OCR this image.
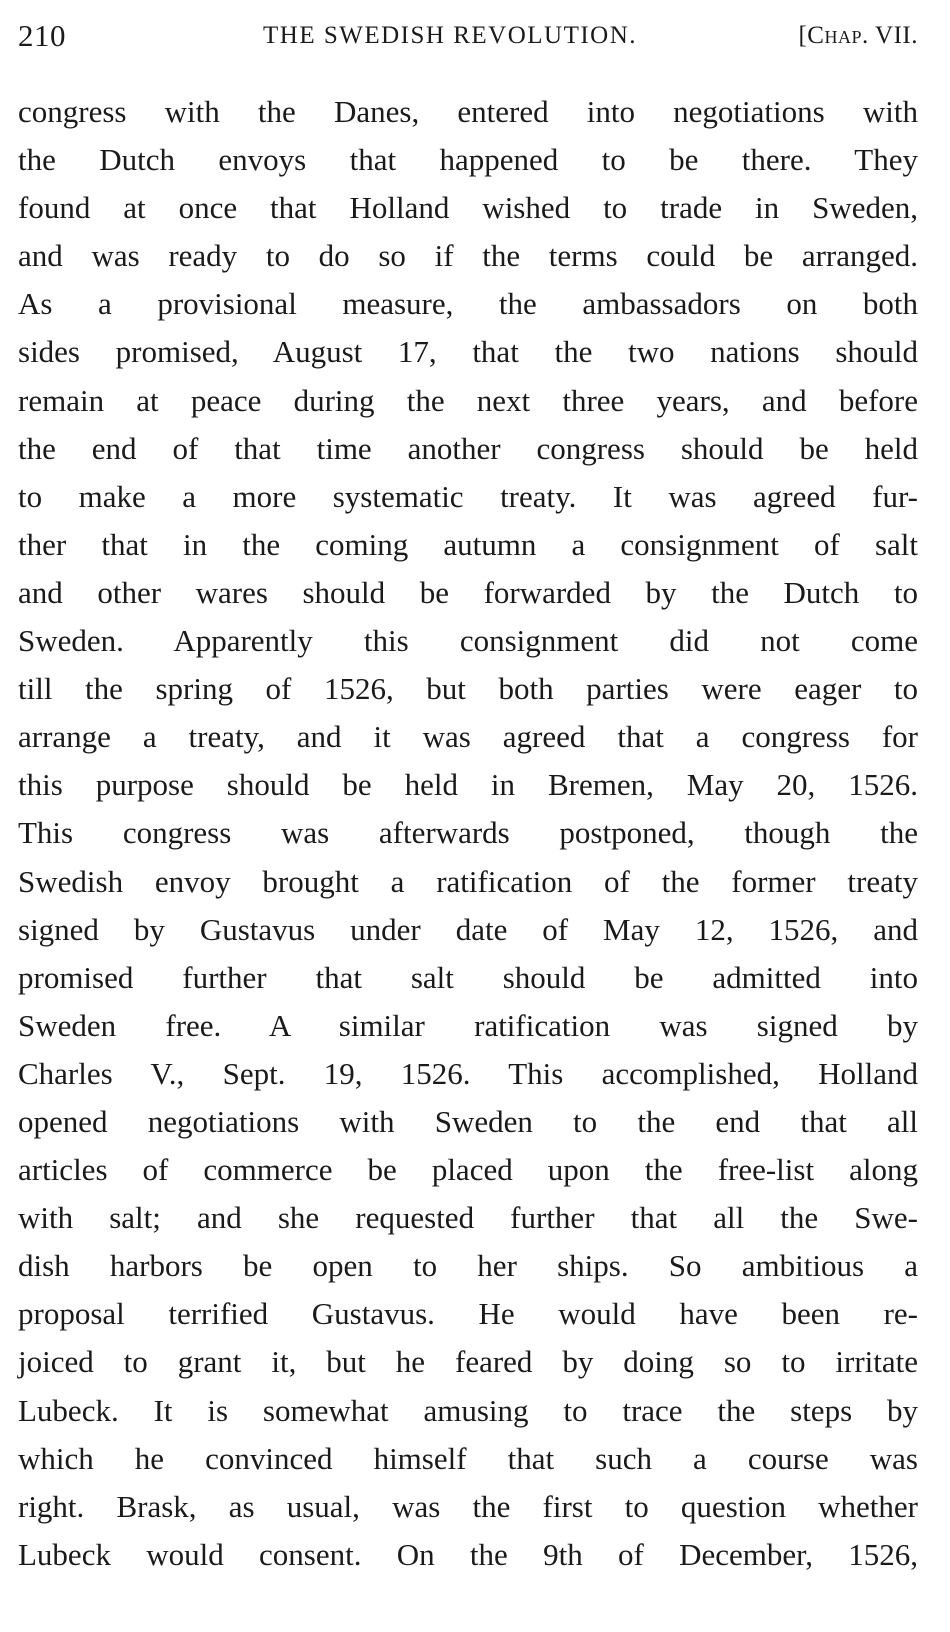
210	THE SWEDISH REVOLUTION.	[Chap. VII.
congress with the Danes, entered into negotiations with
the Dutch envoys that happened to be there. They
found at once that Holland wished to trade in Sweden,
and was ready to do so if the terms could be arranged.
As a provisional measure, the ambassadors on both
sides promised, August 17, that the two nations should
remain at peace during the next three years, and before
the end of that time another congress should be held
to make a more systematic treaty. It was agreed fur-
ther that in the coming autumn a consignment of salt
and other wares should be forwarded by the Dutch to
Sweden. Apparently this consignment did not come
till the spring of 1526, but both parties were eager to
arrange a treaty, and it was agreed that a congress for
this purpose should be held in Bremen, May 20, 1526.
This congress was afterwards postponed, though the
Swedish envoy brought a ratification of the former treaty
signed by Gustavus under date of May 12, 1526, and
promised further that salt should be admitted into
Sweden free. A similar ratification was signed by
Charles V., Sept. 19, 1526. This accomplished, Holland
opened negotiations with Sweden to the end that all
articles of commerce be placed upon the free-list along
with salt; and she requested further that all the Swe-
dish harbors be open to her ships. So ambitious a
proposal terrified Gustavus. He would have been re-
joiced to grant it, but he feared by doing so to irritate
Lubeck. It is somewhat amusing to trace the steps by
which he convinced himself that such a course was
right. Brask, as usual, was the first to question whether
Lubeck would consent. On the 9th of December, 1526,
